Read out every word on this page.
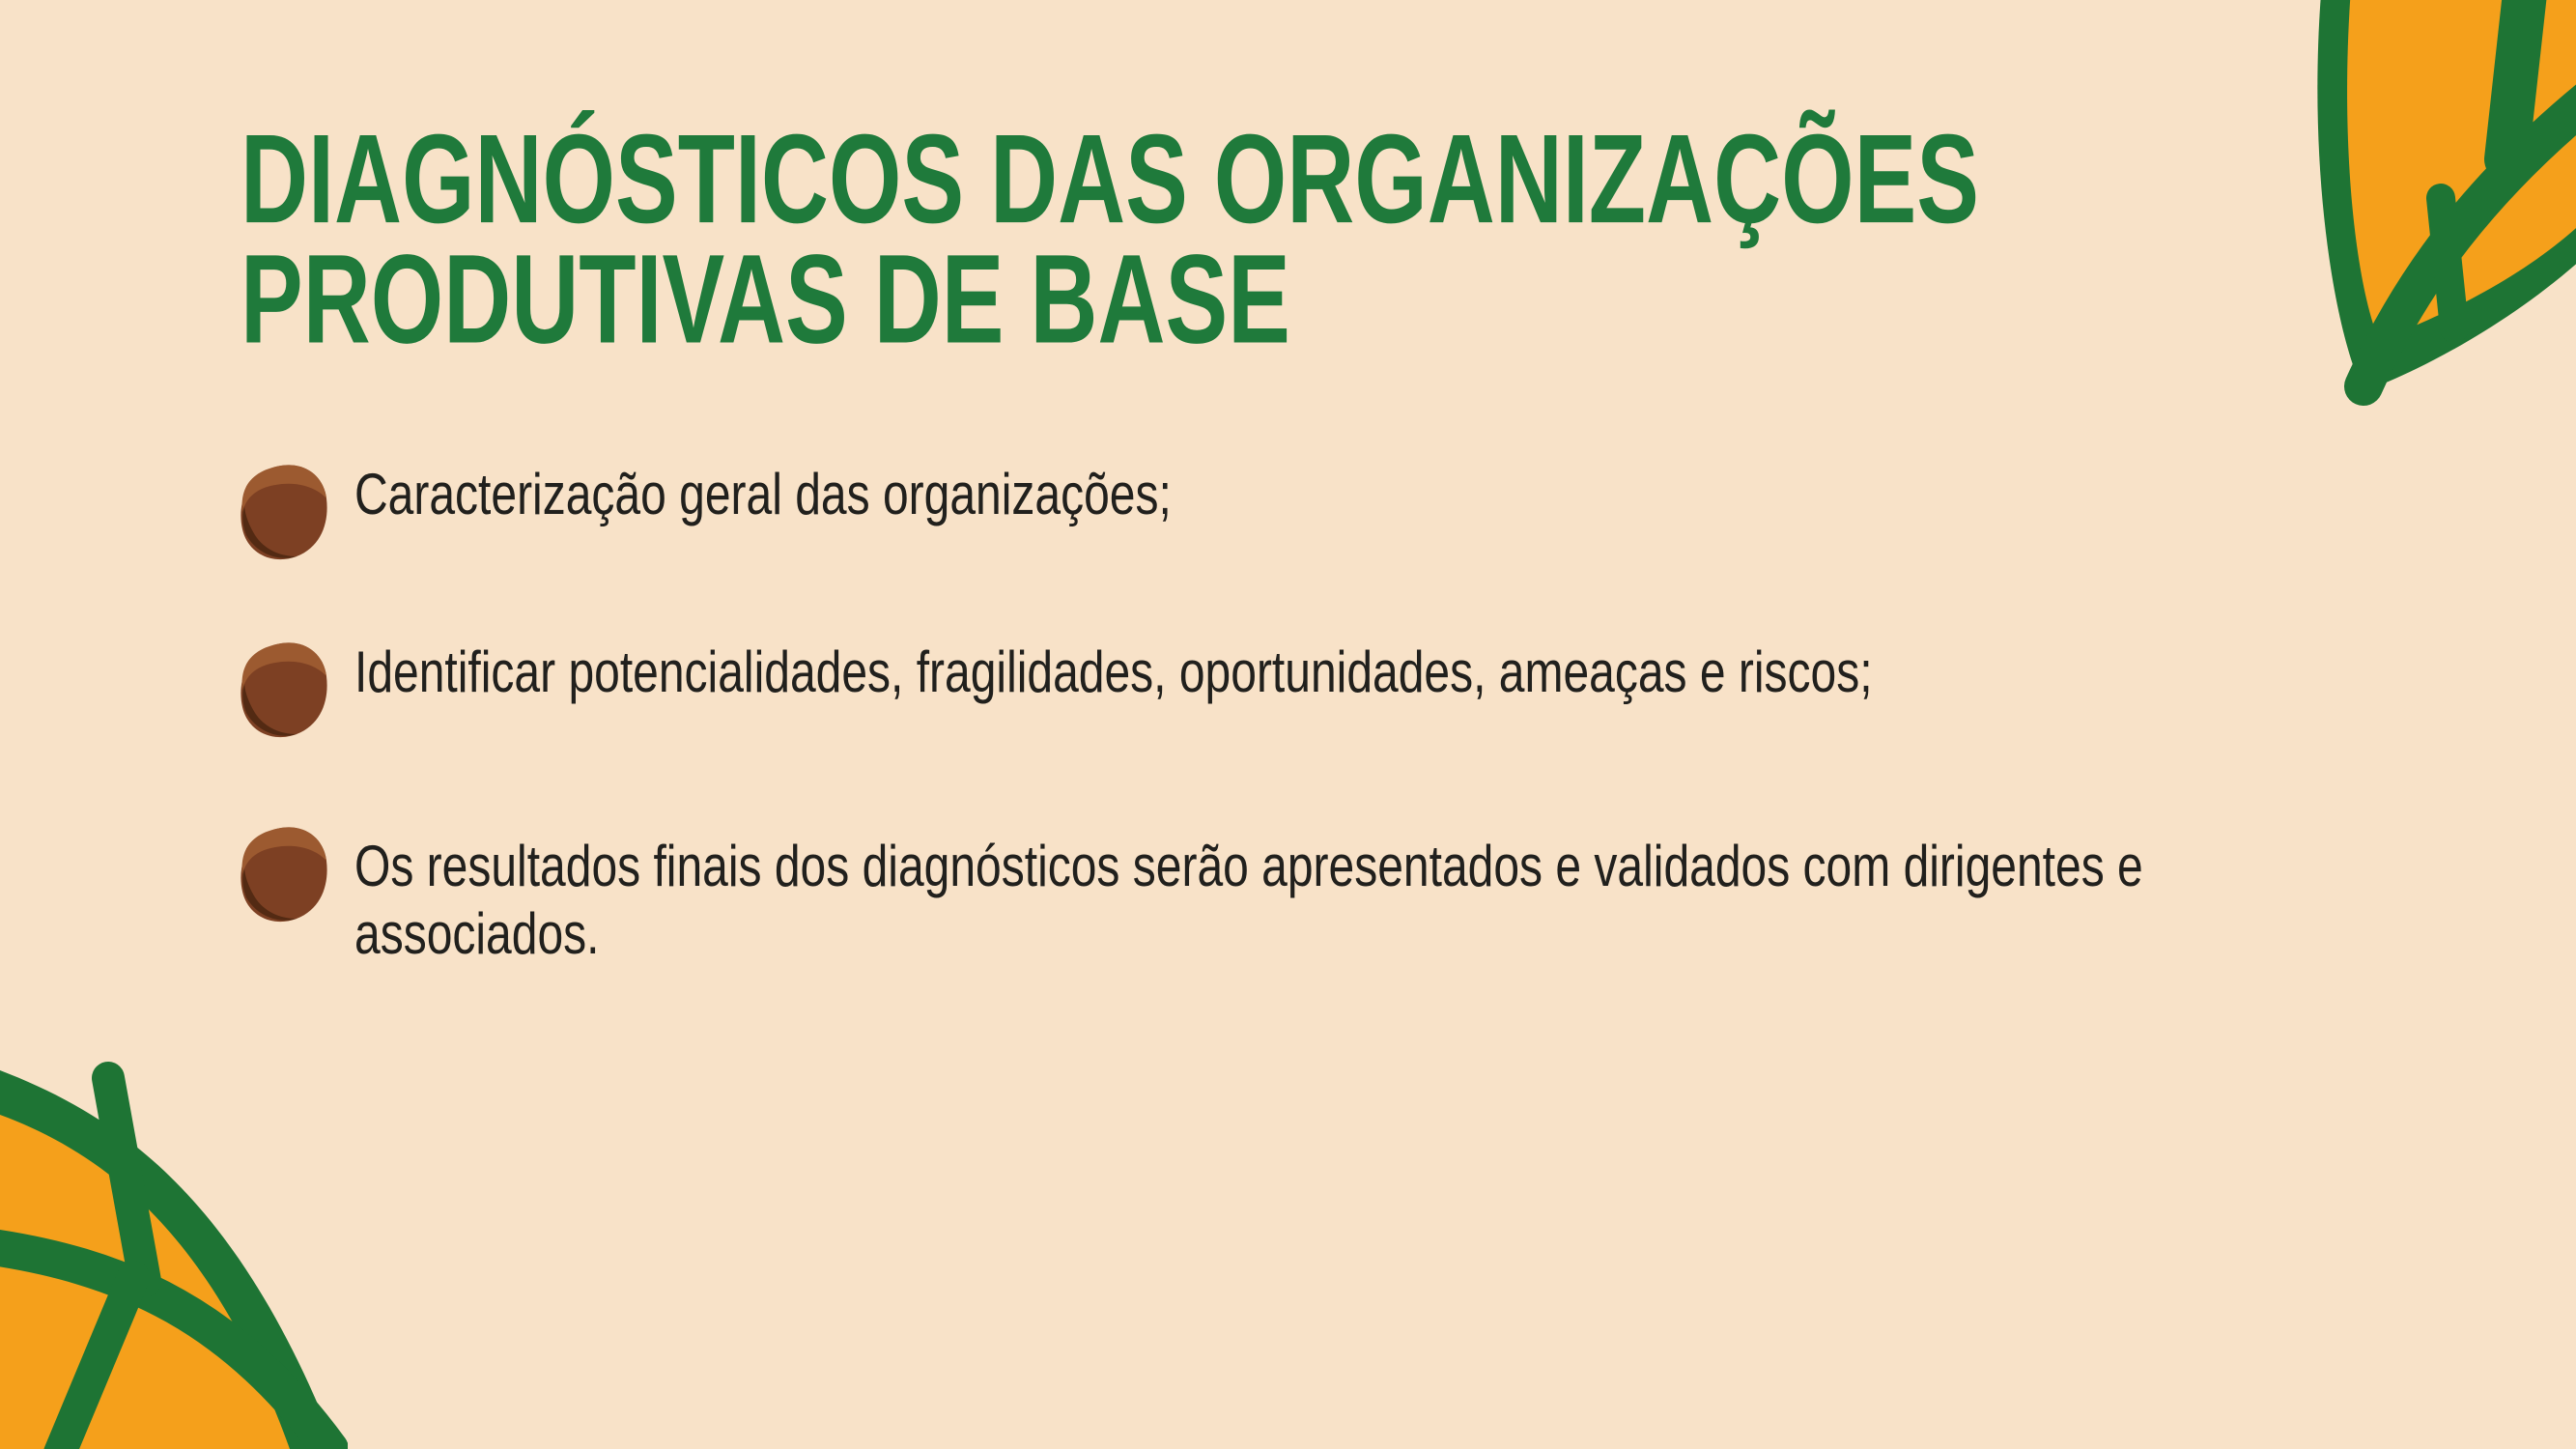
DIAGNÓSTICOS DAS ORGANIZAÇÕES
PRODUTIVAS DE BASE
Caracterização geral das organizações;
Identificar potencialidades, fragilidades, oportunidades, ameaças e riscos;
Os resultados finais dos diagnósticos serão apresentados e validados com dirigentes e
associados.
